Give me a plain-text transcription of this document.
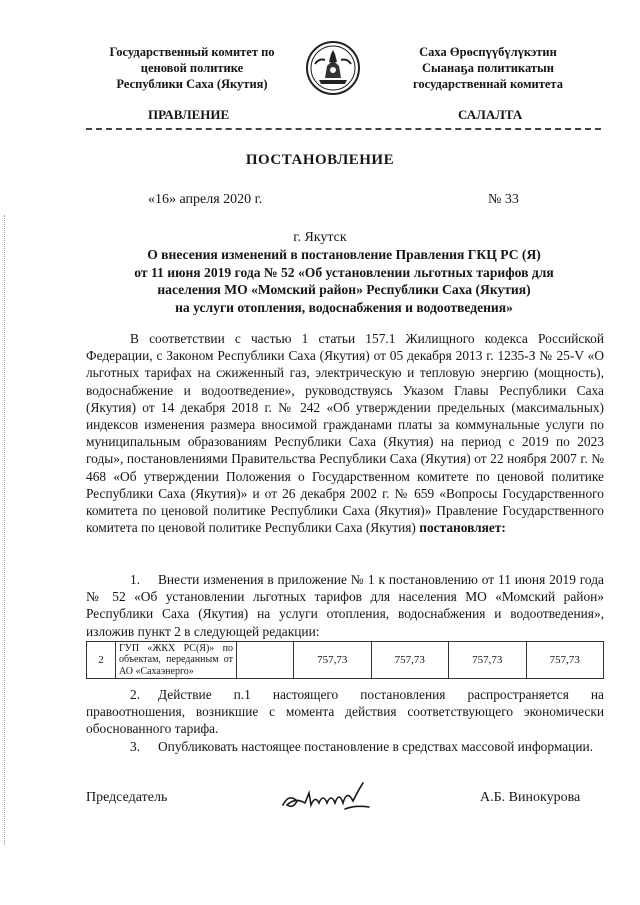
Государственный комитет по
ценовой политике
Республики Саха (Якутия)
Саха Өрөспүүбүлүкэтин
Сыанаҕа политикатын
государственнай комитета
ПРАВЛЕНИЕ	САЛАЛТА
ПОСТАНОВЛЕНИЕ
«16» апреля 2020 г.	№ 33
г. Якутск
О внесения изменений в постановление Правления ГКЦ РС (Я)
от 11 июня 2019 года № 52 «Об установлении льготных тарифов для
населения МО «Момский район» Республики Саха (Якутия)
на услуги отопления, водоснабжения и водоотведения»
В соответствии с частью 1 статьи 157.1 Жилищного кодекса Российской Федерации, с Законом Республики Саха (Якутия) от 05 декабря 2013 г. 1235-З № 25-V «О льготных тарифах на сжиженный газ, электрическую и тепловую энергию (мощность), водоснабжение и водоотведение», руководствуясь Указом Главы Республики Саха (Якутия) от 14 декабря 2018 г. № 242 «Об утверждении предельных (максимальных) индексов изменения размера вносимой гражданами платы за коммунальные услуги по муниципальным образованиям Республики Саха (Якутия) на период с 2019 по 2023 годы», постановлениями Правительства Республики Саха (Якутия) от 22 ноября 2007 г. № 468 «Об утверждении Положения о Государственном комитете по ценовой политике Республики Саха (Якутия)» и от 26 декабря 2002 г. № 659 «Вопросы Государственного комитета по ценовой политике Республики Саха (Якутия)» Правление Государственного комитета по ценовой политике Республики Саха (Якутия) постановляет:
1. Внести изменения в приложение № 1 к постановлению от 11 июня 2019 года № 52 «Об установлении льготных тарифов для населения МО «Момский район» Республики Саха (Якутия) на услуги отопления, водоснабжения и водоотведения», изложив пункт 2 в следующей редакции:
2	ГУП «ЖКХ РС(Я)» по объектам, переданным от АО «Сахаэнерго»		757,73	757,73	757,73	757,73
2. Действие п.1 настоящего постановления распространяется на правоотношения, возникшие с момента действия соответствующего экономически обоснованного тарифа.
3. Опубликовать настоящее постановление в средствах массовой информации.
Председатель	А.Б. Винокурова
